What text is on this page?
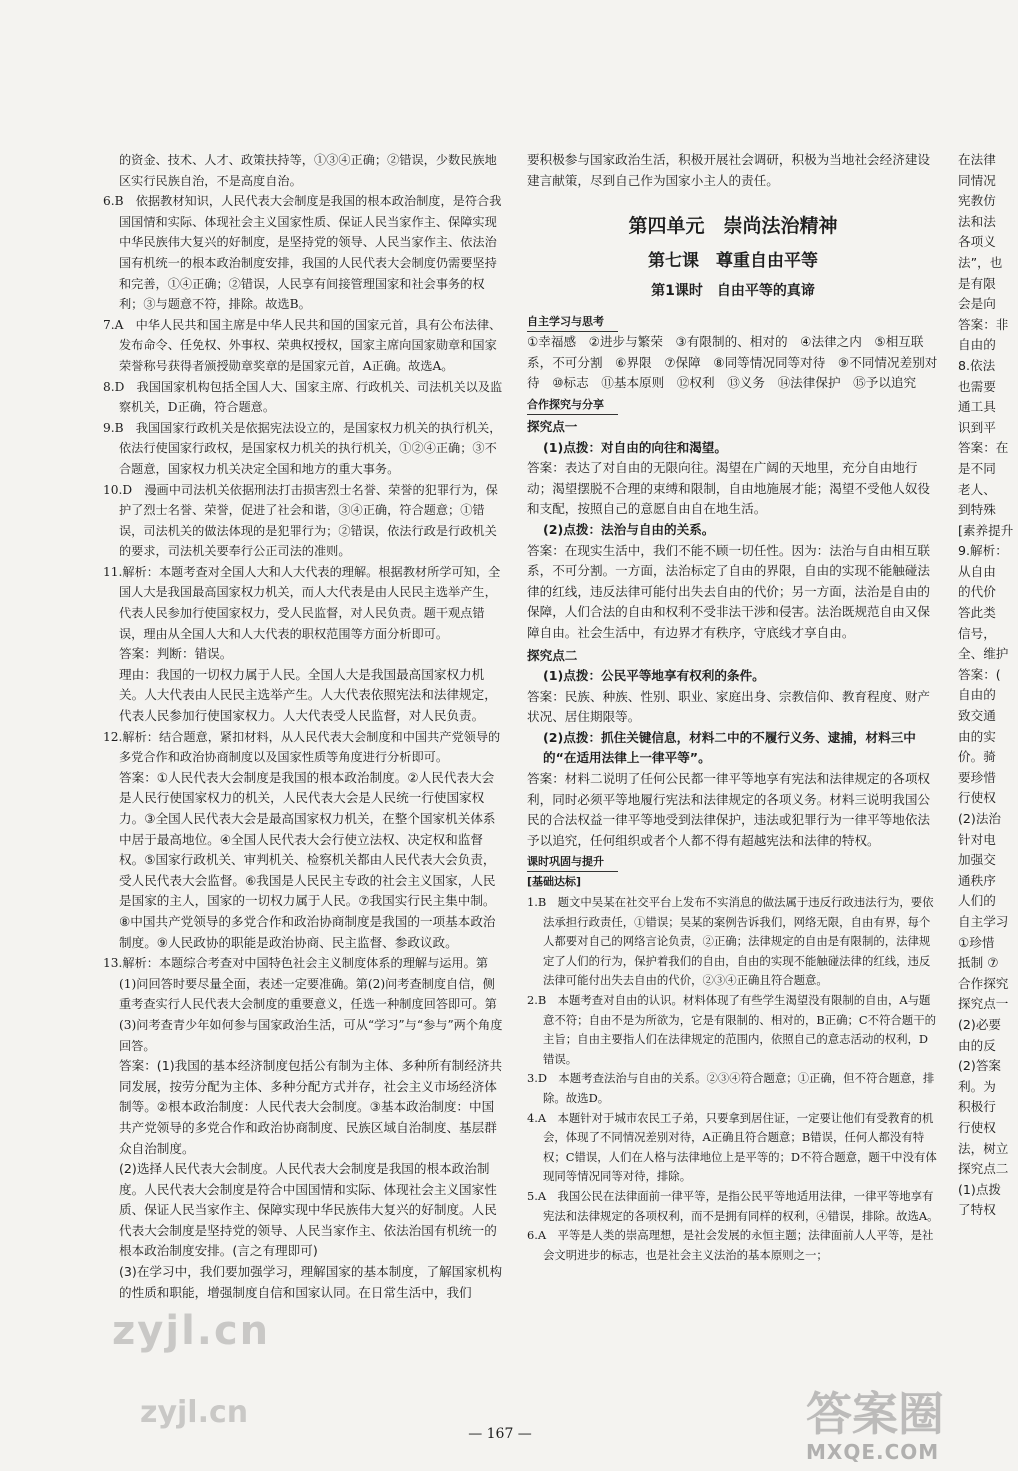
的资金、技术、人才、政策扶持等，①③④正确；②错误，少数民族地区实行民族自治，不是高度自治。

6.B　依据教材知识，人民代表大会制度是我国的根本政治制度，是符合我国国情和实际、体现社会主义国家性质、保证人民当家作主、保障实现中华民族伟大复兴的好制度，是坚持党的领导、人民当家作主、依法治国有机统一的根本政治制度安排，我国的人民代表大会制度仍需要坚持和完善，①④正确；②错误，人民享有间接管理国家和社会事务的权利；③与题意不符，排除。故选B。

7.A　中华人民共和国主席是中华人民共和国的国家元首，具有公布法律、发布命令、任免权、外事权、荣典权授权，国家主席向国家勋章和国家荣誉称号获得者颁授勋章奖章的是国家元首，A正确。故选A。

8.D　我国国家机构包括全国人大、国家主席、行政机关、司法机关以及监察机关，D正确，符合题意。

9.B　我国国家行政机关是依据宪法设立的，是国家权力机关的执行机关，依法行使国家行政权，是国家权力机关的执行机关，①②④正确；③不合题意，国家权力机关决定全国和地方的重大事务。

10.D　漫画中司法机关依据刑法打击损害烈士名誉、荣誉的犯罪行为，保护了烈士名誉、荣誉，促进了社会和谐，③④正确，符合题意；①错误，司法机关的做法体现的是犯罪行为；②错误，依法行政是行政机关的要求，司法机关要奉行公正司法的准则。

11.解析：本题考查对全国人大和人大代表的理解。根据教材所学可知，全国人大是我国最高国家权力机关，而人大代表是由人民民主选举产生，代表人民参加行使国家权力，受人民监督，对人民负责。题干观点错误，理由从全国人大和人大代表的职权范围等方面分析即可。

答案：判断：错误。

理由：我国的一切权力属于人民。全国人大是我国最高国家权力机关。人大代表由人民民主选举产生。人大代表依照宪法和法律规定，代表人民参加行使国家权力。人大代表受人民监督，对人民负责。

12.解析：结合题意，紧扣材料，从人民代表大会制度和中国共产党领导的多党合作和政治协商制度以及国家性质等角度进行分析即可。

答案：①人民代表大会制度是我国的根本政治制度。②人民代表大会是人民行使国家权力的机关，人民代表大会是人民统一行使国家权力。③全国人民代表大会是最高国家权力机关，在整个国家机关体系中居于最高地位。④全国人民代表大会行使立法权、决定权和监督权。⑤国家行政机关、审判机关、检察机关都由人民代表大会负责，受人民代表大会监督。⑥我国是人民民主专政的社会主义国家，人民是国家的主人，国家的一切权力属于人民。⑦我国实行民主集中制。⑧中国共产党领导的多党合作和政治协商制度是我国的一项基本政治制度。⑨人民政协的职能是政治协商、民主监督、参政议政。

13.解析：本题综合考查对中国特色社会主义制度体系的理解与运用。第(1)问回答时要尽量全面，表述一定要准确。第(2)问考查制度自信，侧重考查实行人民代表大会制度的重要意义，任选一种制度回答即可。第(3)问考查青少年如何参与国家政治生活，可从“学习”与“参与”两个角度回答。

答案：(1)我国的基本经济制度包括公有制为主体、多种所有制经济共同发展，按劳分配为主体、多种分配方式并存，社会主义市场经济体制等。②根本政治制度：人民代表大会制度。③基本政治制度：中国共产党领导的多党合作和政治协商制度、民族区域自治制度、基层群众自治制度。

(2)选择人民代表大会制度。人民代表大会制度是我国的根本政治制度。人民代表大会制度是符合中国国情和实际、体现社会主义国家性质、保证人民当家作主、保障实现中华民族伟大复兴的好制度。人民代表大会制度是坚持党的领导、人民当家作主、依法治国有机统一的根本政治制度安排。(言之有理即可)

(3)在学习中，我们要加强学习，理解国家的基本制度，了解国家机构的性质和职能，增强制度自信和国家认同。在日常生活中，我们

要积极参与国家政治生活，积极开展社会调研，积极为当地社会经济建设建言献策，尽到自己作为国家小主人的责任。

第四单元　崇尚法治精神
第七课　尊重自由平等
第1课时　自由平等的真谛
自主学习与思考

①幸福感　②进步与繁荣　③有限制的、相对的　④法律之内　⑤相互联系，不可分割　⑥界限　⑦保障　⑧同等情况同等对待　⑨不同情况差别对待　⑩标志　⑪基本原则　⑫权利　⑬义务　⑭法律保护　⑮予以追究

合作探究与分享
探究点一

(1)点拨：对自由的向往和渴望。

答案：表达了对自由的无限向往。渴望在广阔的天地里，充分自由地行动；渴望摆脱不合理的束缚和限制，自由地施展才能；渴望不受他人奴役和支配，按照自己的意愿自由自在地生活。

(2)点拨：法治与自由的关系。

答案：在现实生活中，我们不能不顾一切任性。因为：法治与自由相互联系，不可分割。一方面，法治标定了自由的界限，自由的实现不能触碰法律的红线，违反法律可能付出失去自由的代价；另一方面，法治是自由的保障，人们合法的自由和权利不受非法干涉和侵害。法治既规范自由又保障自由。社会生活中，有边界才有秩序，守底线才享自由。

探究点二

(1)点拨：公民平等地享有权利的条件。

答案：民族、种族、性别、职业、家庭出身、宗教信仰、教育程度、财产状况、居住期限等。

(2)点拨：抓住关键信息，材料二中的不履行义务、逮捕，材料三中的“在适用法律上一律平等”。

答案：材料二说明了任何公民都一律平等地享有宪法和法律规定的各项权利，同时必须平等地履行宪法和法律规定的各项义务。材料三说明我国公民的合法权益一律平等地受到法律保护，违法或犯罪行为一律平等地依法予以追究，任何组织或者个人都不得有超越宪法和法律的特权。

课时巩固与提升
[基础达标]

1.B　题文中吴某在社交平台上发布不实消息的做法属于违反行政违法行为，要依法承担行政责任，①错误；吴某的案例告诉我们，网络无限，自由有界，每个人都要对自己的网络言论负责，②正确；法律规定的自由是有限制的，法律规定了人们的行为，保护着我们的自由，自由的实现不能触碰法律的红线，违反法律可能付出失去自由的代价，②③④正确且符合题意。

2.B　本题考查对自由的认识。材料体现了有些学生渴望没有限制的自由，A与题意不符；自由不是为所欲为，它是有限制的、相对的，B正确；C不符合题干的主旨；自由主要指人们在法律规定的范围内，依照自己的意志活动的权利，D错误。

3.D　本题考查法治与自由的关系。②③④符合题意；①正确，但不符合题意，排除。故选D。

4.A　本题针对于城市农民工子弟，只要拿到居住证，一定要让他们有受教育的机会，体现了不同情况差别对待，A正确且符合题意；B错误，任何人都没有特权；C错误，人们在人格与法律地位上是平等的；D不符合题意，题干中没有体现同等情况同等对待，排除。

5.A　我国公民在法律面前一律平等，是指公民平等地适用法律，一律平等地享有宪法和法律规定的各项权利，而不是拥有同样的权利，④错误，排除。故选A。

6.A　平等是人类的崇高理想，是社会发展的永恒主题；法律面前人人平等，是社会文明进步的标志，也是社会主义法治的基本原则之一；

在法律
同情况
宪教仿
法和法
各项义
法”，也
是有限
会是向
答案：非
自由的
8.依法
也需要
通工具
识到平
答案：在
是不同
老人、
到特殊
[素养提升
9.解析：
从自由
的代价
答此类
信号，
全、维护
答案：(
自由的
致交通
由的实
价。骑
要珍惜
行使权
(2)法治
针对电
加强交
通秩序
人们的
自主学习
①珍惜
抵制 ⑦
合作探究
探究点一
(2)必要
由的反
(2)答案
利。为
积极行
行使权
法，树立
探究点二
(1)点拨
了特权
— 167 —
zyjl.cn
zyjl.cn	答案圈
MXQE.COM
